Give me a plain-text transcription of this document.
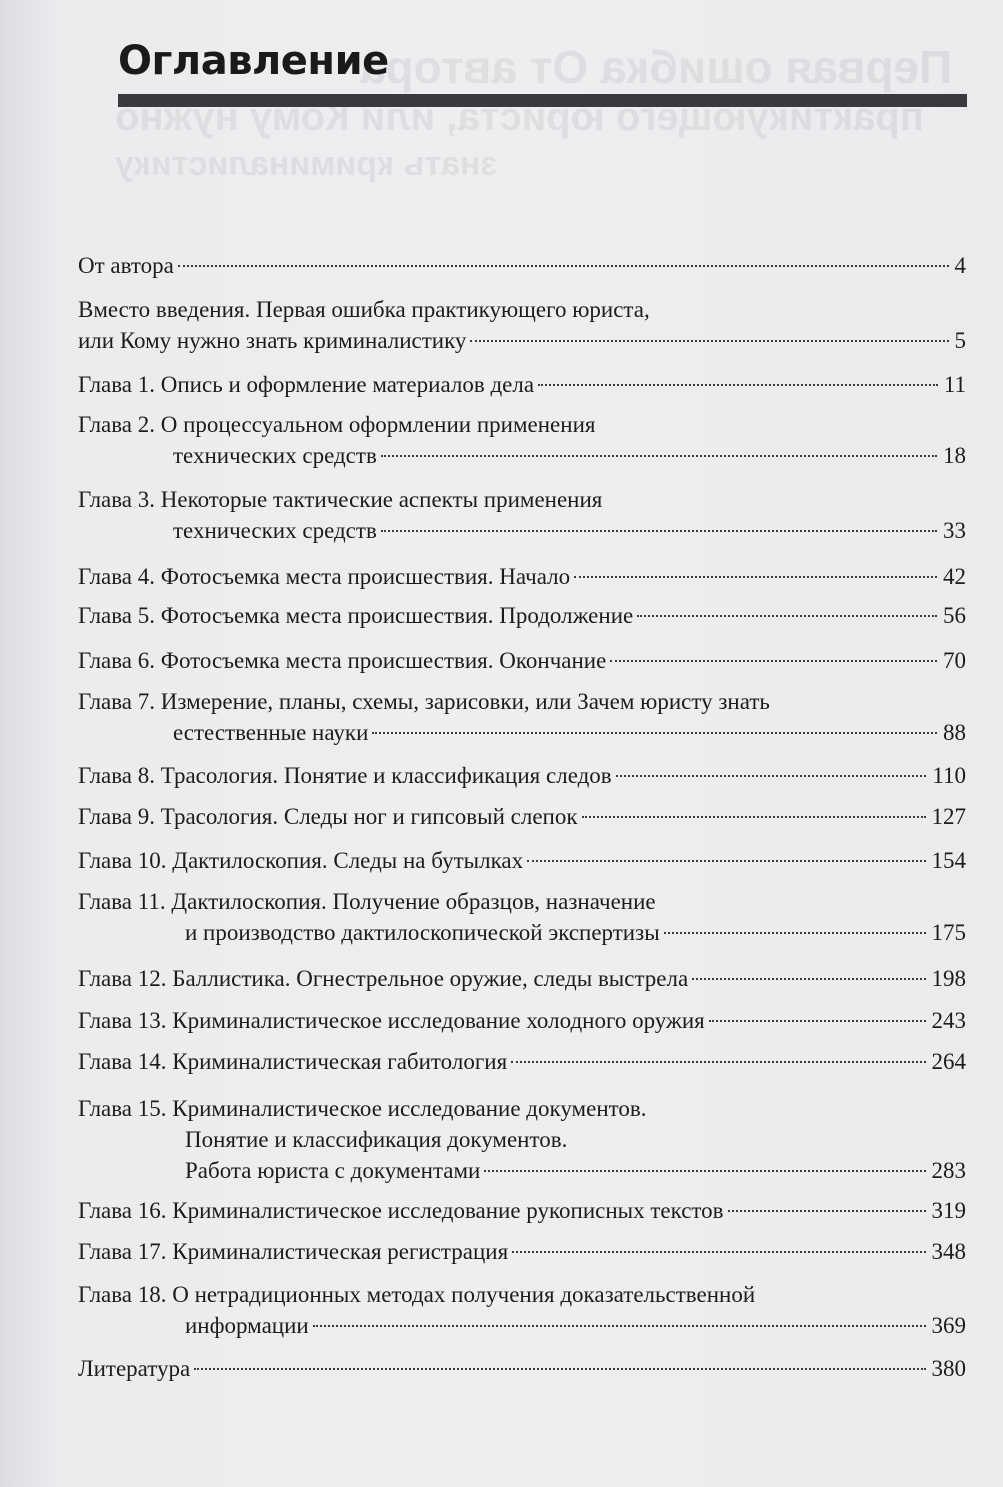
Первая ошибка От автора
практикующего юриста, или Кому нужно
знать криминалистику
Оглавление
От автора	4
Вместо введения. Первая ошибка практикующего юриста,
или Кому нужно знать криминалистику	5
Глава 1. Опись и оформление материалов дела	11
Глава 2. О процессуальном оформлении применения
технических средств	18
Глава 3. Некоторые тактические аспекты применения
технических средств	33
Глава 4. Фотосъемка места происшествия. Начало	42
Глава 5. Фотосъемка места происшествия. Продолжение	56
Глава 6. Фотосъемка места происшествия. Окончание	70
Глава 7. Измерение, планы, схемы, зарисовки, или Зачем юристу знать
естественные науки	88
Глава 8. Трасология. Понятие и классификация следов	110
Глава 9. Трасология. Следы ног и гипсовый слепок	127
Глава 10. Дактилоскопия. Следы на бутылках	154
Глава 11. Дактилоскопия. Получение образцов, назначение
и производство дактилоскопической экспертизы	175
Глава 12. Баллистика. Огнестрельное оружие, следы выстрела	198
Глава 13. Криминалистическое исследование холодного оружия	243
Глава 14. Криминалистическая габитология	264
Глава 15. Криминалистическое исследование документов.
Понятие и классификация документов.
Работа юриста с документами	283
Глава 16. Криминалистическое исследование рукописных текстов	319
Глава 17. Криминалистическая регистрация	348
Глава 18. О нетрадиционных методах получения доказательственной
информации	369
Литература	380
